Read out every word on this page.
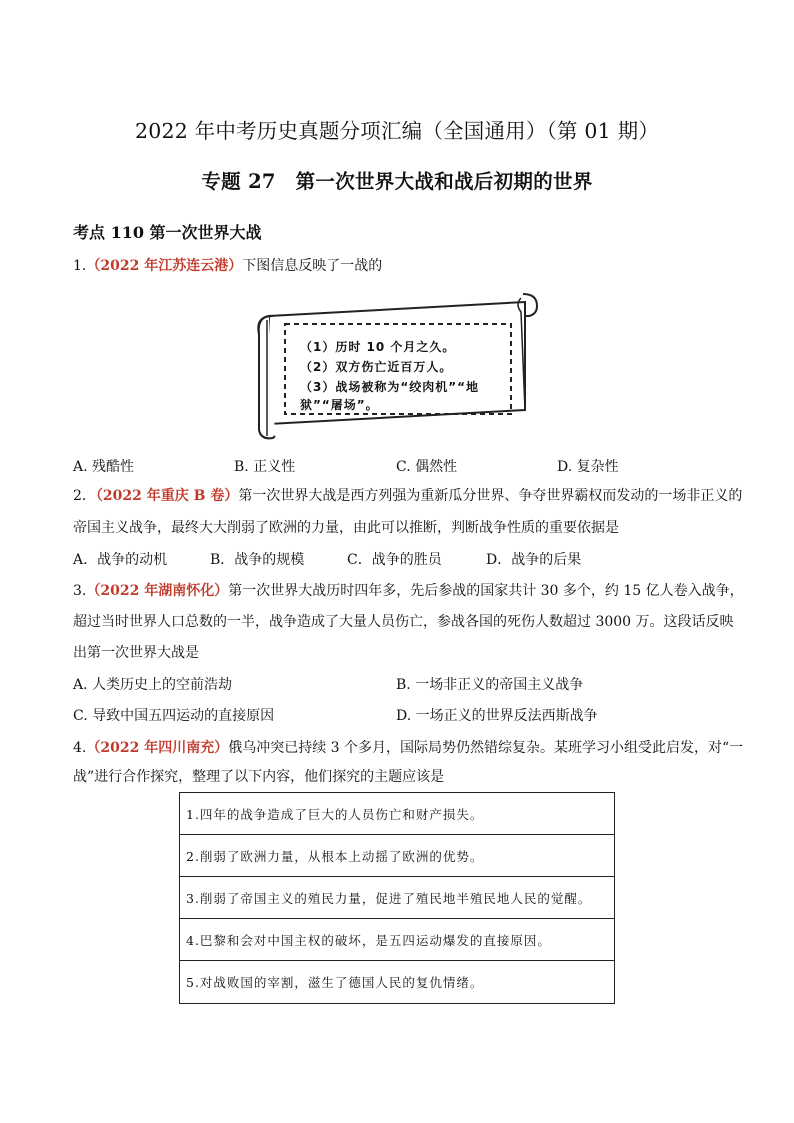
2022 年中考历史真题分项汇编（全国通用）（第 01 期）
专题 27　第一次世界大战和战后初期的世界
考点 110 第一次世界大战
1.（2022 年江苏连云港）下图信息反映了一战的
（1）历时 10 个月之久。
（2）双方伤亡近百万人。
（3）战场被称为“绞肉机”“地
狱”“屠场”。
A. 残酷性	B. 正义性	C. 偶然性	D. 复杂性
2．（2022 年重庆 B 卷）第一次世界大战是西方列强为重新瓜分世界、争夺世界霸权而发动的一场非正义的
帝国主义战争，最终大大削弱了欧洲的力量，由此可以推断，判断战争性质的重要依据是
A．战争的动机	B．战争的规模	C．战争的胜员	D．战争的后果
3.（2022 年湖南怀化）第一次世界大战历时四年多，先后参战的国家共计 30 多个，约 15 亿人卷入战争，
超过当时世界人口总数的一半，战争造成了大量人员伤亡，参战各国的死伤人数超过 3000 万。这段话反映
出第一次世界大战是
A. 人类历史上的空前浩劫	B. 一场非正义的帝国主义战争
C. 导致中国五四运动的直接原因	D. 一场正义的世界反法西斯战争
4.（2022 年四川南充）俄乌冲突已持续 3 个多月，国际局势仍然错综复杂。某班学习小组受此启发，对“一
战”进行合作探究，整理了以下内容，他们探究的主题应该是
1.四年的战争造成了巨大的人员伤亡和财产损失。
2.削弱了欧洲力量，从根本上动摇了欧洲的优势。
3.削弱了帝国主义的殖民力量，促进了殖民地半殖民地人民的觉醒。
4.巴黎和会对中国主权的破坏，是五四运动爆发的直接原因。
5.对战败国的宰割，滋生了德国人民的复仇情绪。
